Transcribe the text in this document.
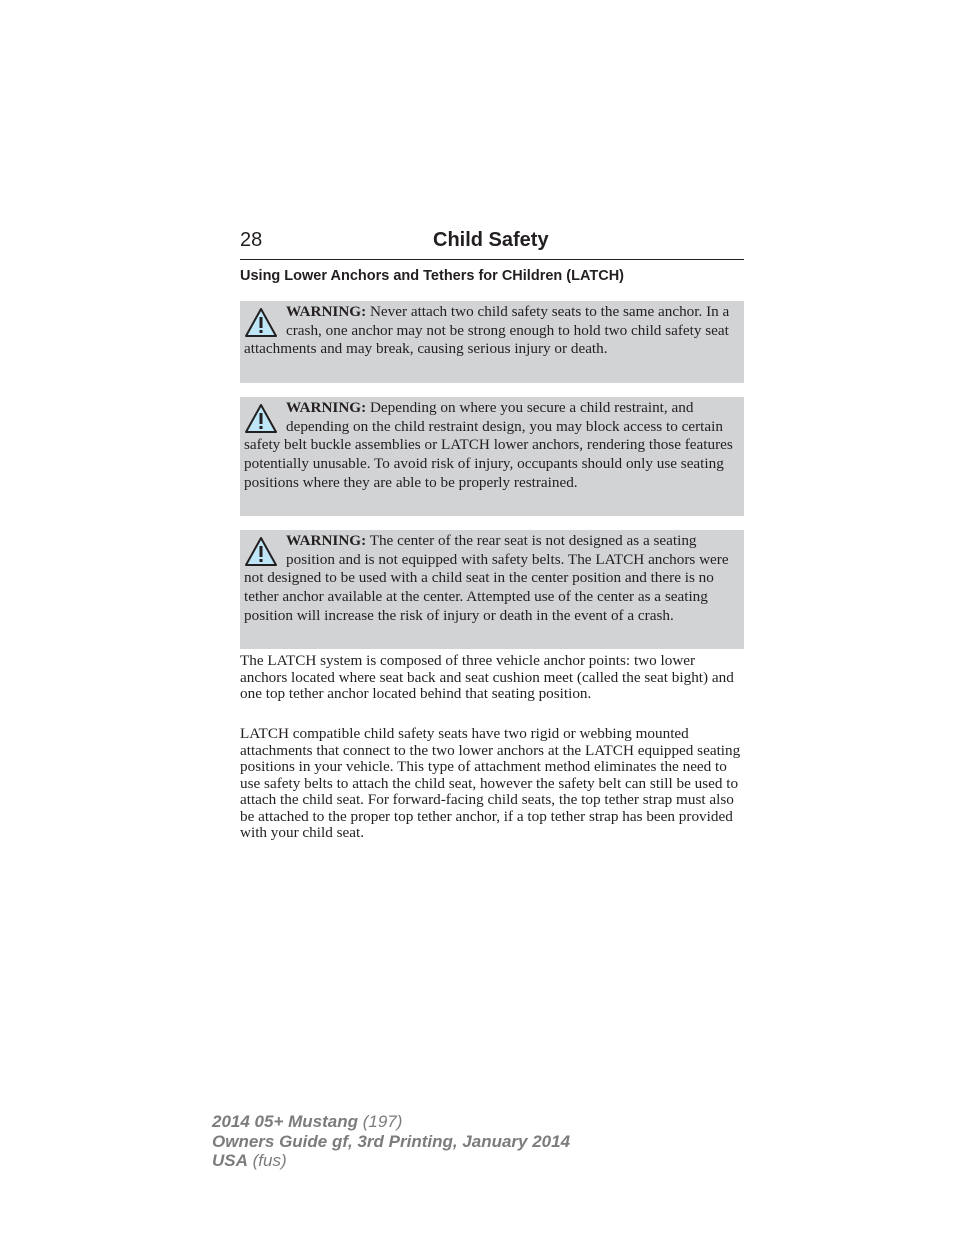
28	Child Safety
Using Lower Anchors and Tethers for CHildren (LATCH)
WARNING: Never attach two child safety seats to the same anchor. In a crash, one anchor may not be strong enough to hold two child safety seat attachments and may break, causing serious injury or death.
WARNING: Depending on where you secure a child restraint, and depending on the child restraint design, you may block access to certain safety belt buckle assemblies or LATCH lower anchors, rendering those features potentially unusable. To avoid risk of injury, occupants should only use seating positions where they are able to be properly restrained.
WARNING: The center of the rear seat is not designed as a seating position and is not equipped with safety belts. The LATCH anchors were not designed to be used with a child seat in the center position and there is no tether anchor available at the center. Attempted use of the center as a seating position will increase the risk of injury or death in the event of a crash.

The LATCH system is composed of three vehicle anchor points: two lower anchors located where seat back and seat cushion meet (called the seat bight) and one top tether anchor located behind that seating position.

LATCH compatible child safety seats have two rigid or webbing mounted attachments that connect to the two lower anchors at the LATCH equipped seating positions in your vehicle. This type of attachment method eliminates the need to use safety belts to attach the child seat, however the safety belt can still be used to attach the child seat. For forward-facing child seats, the top tether strap must also be attached to the proper top tether anchor, if a top tether strap has been provided with your child seat.

2014 05+ Mustang (197)
Owners Guide gf, 3rd Printing, January 2014
USA (fus)
